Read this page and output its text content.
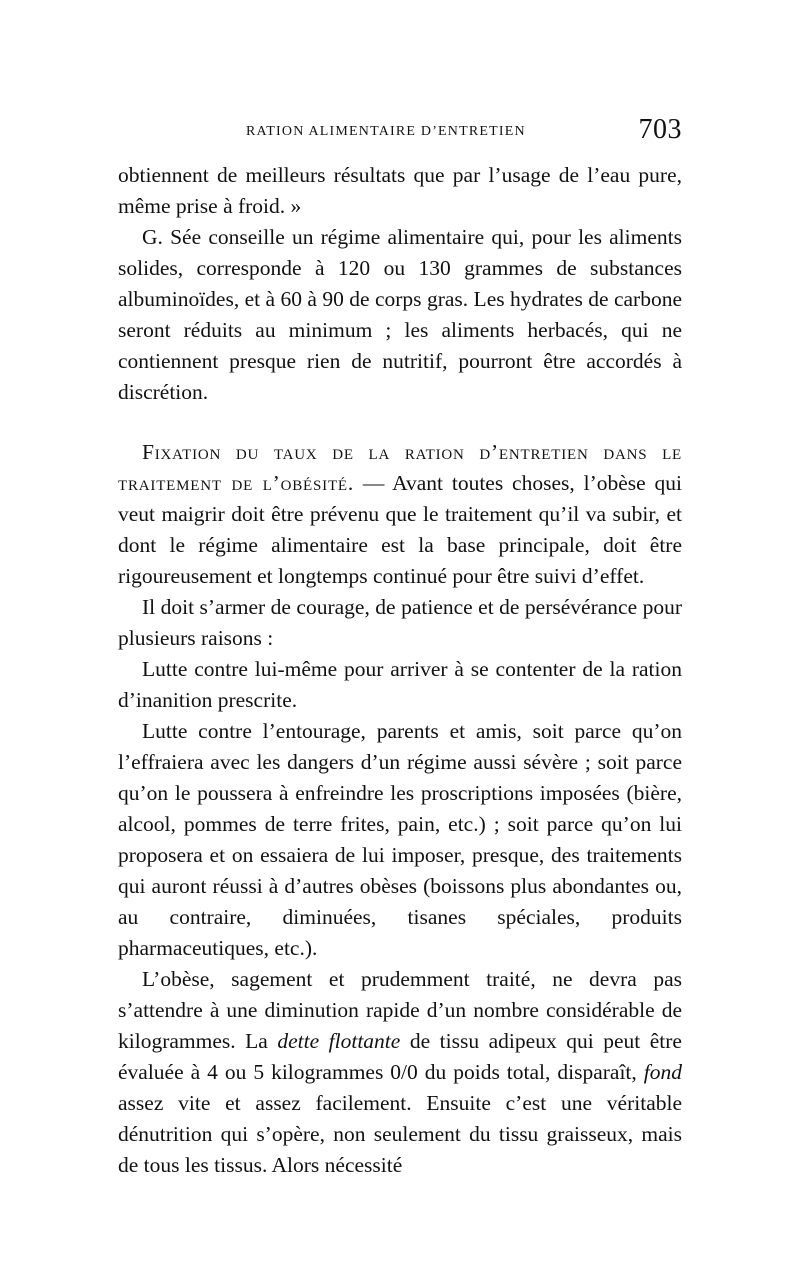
RATION ALIMENTAIRE D’ENTRETIEN	703

obtiennent de meilleurs résultats que par l’usage de l’eau pure, même prise à froid. »

G. Sée conseille un régime alimentaire qui, pour les aliments solides, corresponde à 120 ou 130 grammes de substances albuminoïdes, et à 60 à 90 de corps gras. Les hydrates de carbone seront réduits au minimum ; les aliments herbacés, qui ne contiennent presque rien de nutritif, pourront être accordés à discrétion.

Fixation du taux de la ration d’entretien dans le traitement de l’obésité. — Avant toutes choses, l’obèse qui veut maigrir doit être prévenu que le traitement qu’il va subir, et dont le régime alimentaire est la base principale, doit être rigoureusement et longtemps continué pour être suivi d’effet.

Il doit s’armer de courage, de patience et de persévérance pour plusieurs raisons :

Lutte contre lui-même pour arriver à se contenter de la ration d’inanition prescrite.

Lutte contre l’entourage, parents et amis, soit parce qu’on l’effraiera avec les dangers d’un régime aussi sévère ; soit parce qu’on le poussera à enfreindre les proscriptions imposées (bière, alcool, pommes de terre frites, pain, etc.) ; soit parce qu’on lui proposera et on essaiera de lui imposer, presque, des traitements qui auront réussi à d’autres obèses (boissons plus abondantes ou, au contraire, diminuées, tisanes spéciales, produits pharmaceutiques, etc.).

L’obèse, sagement et prudemment traité, ne devra pas s’attendre à une diminution rapide d’un nombre considérable de kilogrammes. La dette flottante de tissu adipeux qui peut être évaluée à 4 ou 5 kilogrammes 0/0 du poids total, disparaît, fond assez vite et assez facilement. Ensuite c’est une véritable dénutrition qui s’opère, non seulement du tissu graisseux, mais de tous les tissus. Alors nécessité
